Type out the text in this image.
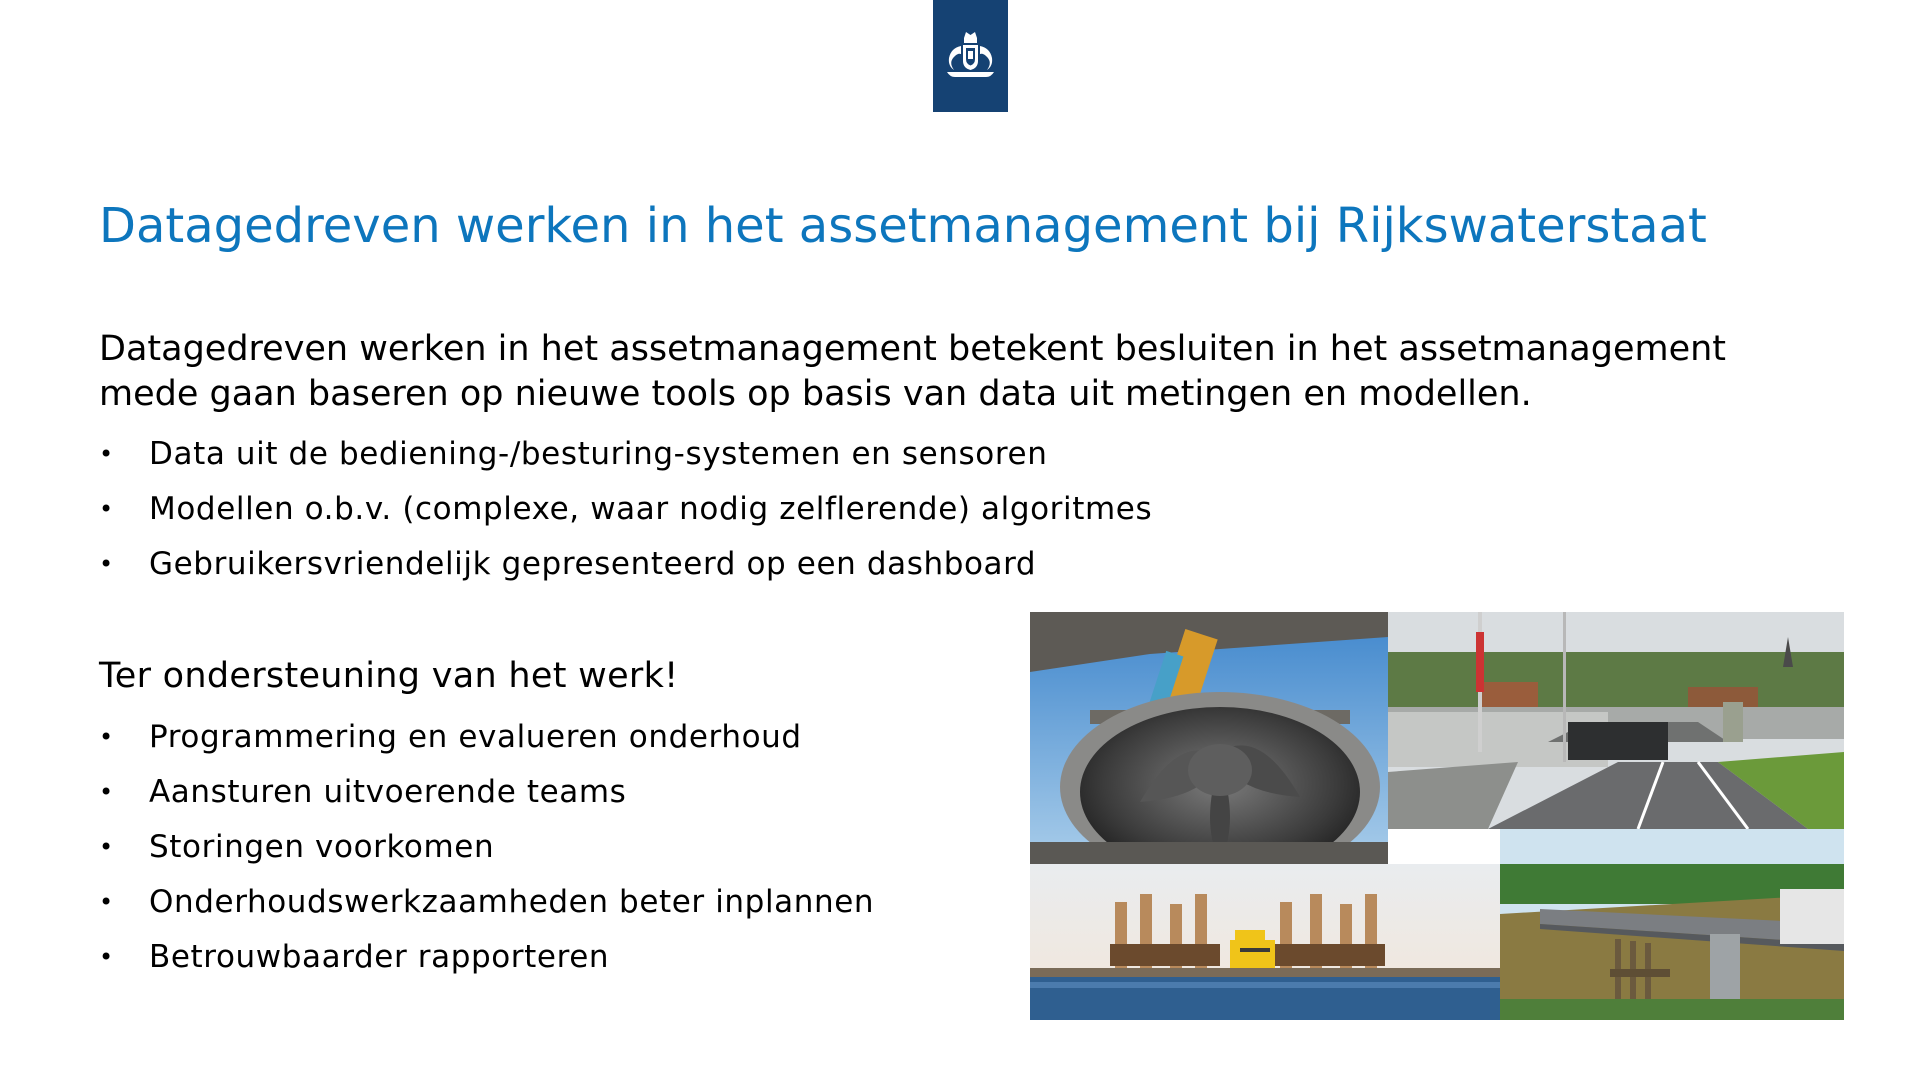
Datagedreven werken in het assetmanagement bij Rijkswaterstaat

Datagedreven werken in het assetmanagement betekent besluiten in het assetmanagement mede gaan baseren op nieuwe tools op basis van data uit metingen en modellen.

• Data uit de bediening-/besturing-systemen en sensoren
• Modellen o.b.v. (complexe, waar nodig zelflerende) algoritmes
• Gebruikersvriendelijk gepresenteerd op een dashboard
Ter ondersteuning van het werk!
• Programmering en evalueren onderhoud
• Aansturen uitvoerende teams
• Storingen voorkomen
• Onderhoudswerkzaamheden beter inplannen
• Betrouwbaarder rapporteren
